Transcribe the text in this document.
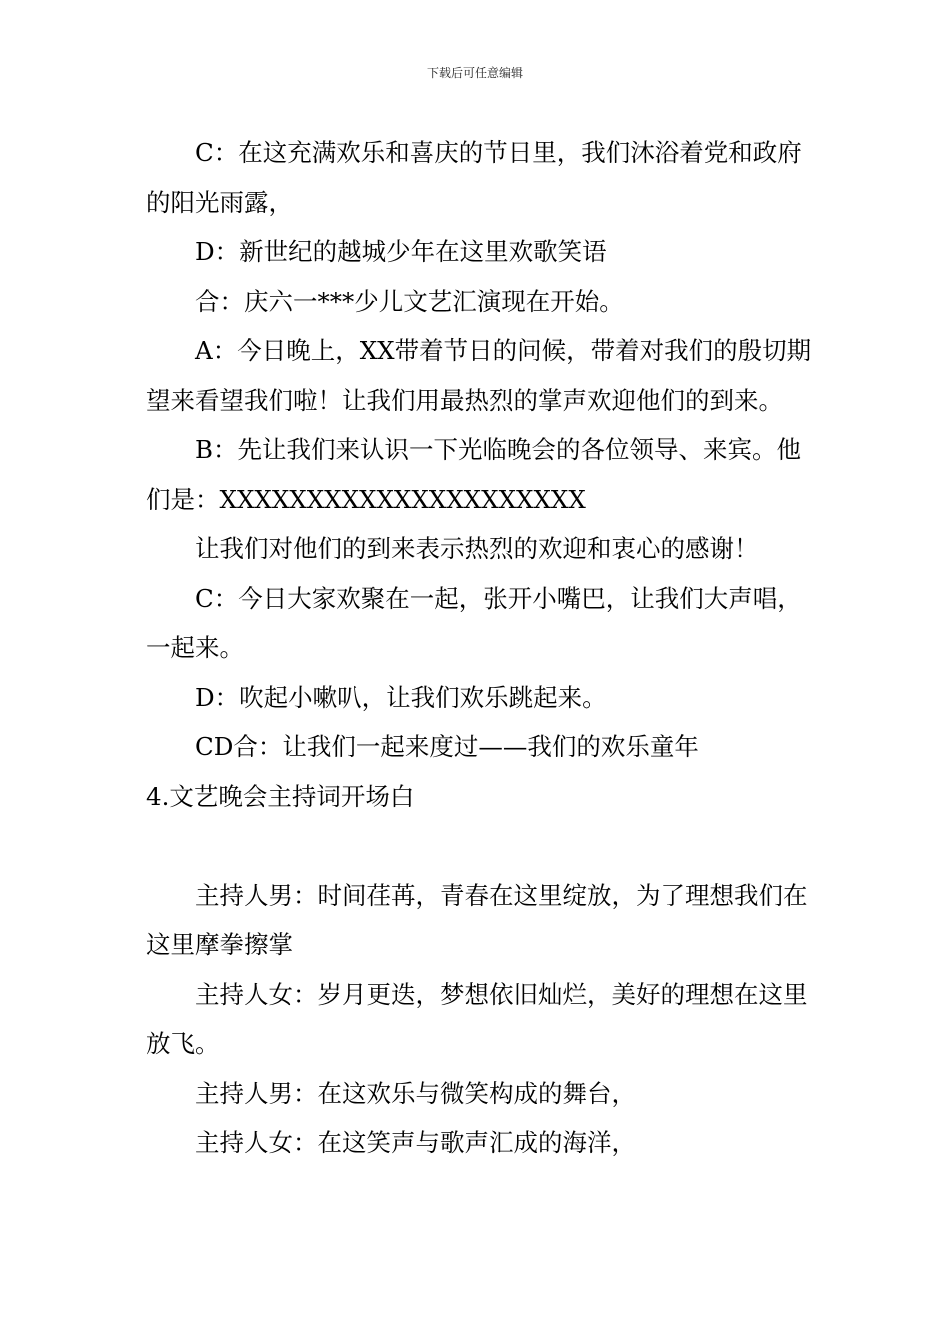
下载后可任意编辑

C：在这充满欢乐和喜庆的节日里，我们沐浴着党和政府的阳光雨露，

D：新世纪的越城少年在这里欢歌笑语

合：庆六一***少儿文艺汇演现在开始。

A：今日晚上，XX带着节日的问候，带着对我们的殷切期望来看望我们啦！让我们用最热烈的掌声欢迎他们的到来。

B：先让我们来认识一下光临晚会的各位领导、来宾。他们是：XXXXXXXXXXXXXXXXXXXXX

让我们对他们的到来表示热烈的欢迎和衷心的感谢！

C：今日大家欢聚在一起，张开小嘴巴，让我们大声唱，一起来。

D：吹起小嗽叭，让我们欢乐跳起来。

CD合：让我们一起来度过——我们的欢乐童年

4.文艺晚会主持词开场白

主持人男：时间荏苒，青春在这里绽放，为了理想我们在这里摩拳擦掌

主持人女：岁月更迭，梦想依旧灿烂，美好的理想在这里放飞。

主持人男：在这欢乐与微笑构成的舞台，

主持人女：在这笑声与歌声汇成的海洋，
